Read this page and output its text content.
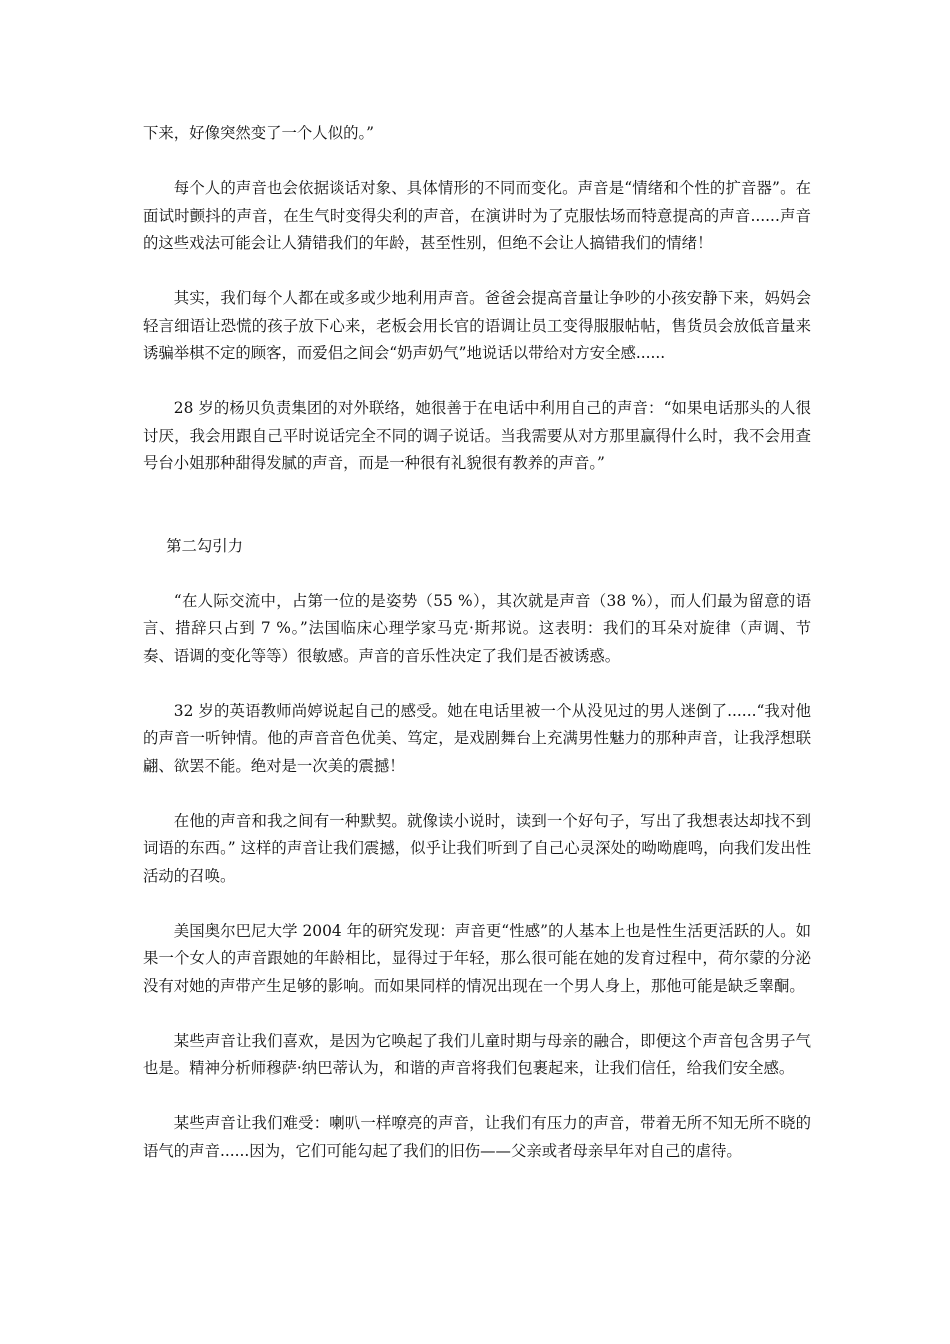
下来，好像突然变了一个人似的。”

每个人的声音也会依据谈话对象、具体情形的不同而变化。声音是“情绪和个性的扩音器”。在面试时颤抖的声音，在生气时变得尖利的声音，在演讲时为了克服怯场而特意提高的声音......声音的这些戏法可能会让人猜错我们的年龄，甚至性别，但绝不会让人搞错我们的情绪！

其实，我们每个人都在或多或少地利用声音。爸爸会提高音量让争吵的小孩安静下来，妈妈会轻言细语让恐慌的孩子放下心来，老板会用长官的语调让员工变得服服帖帖，售货员会放低音量来诱骗举棋不定的顾客，而爱侣之间会“奶声奶气”地说话以带给对方安全感......

28 岁的杨贝负责集团的对外联络，她很善于在电话中利用自己的声音：“如果电话那头的人很讨厌，我会用跟自己平时说话完全不同的调子说话。当我需要从对方那里赢得什么时，我不会用查号台小姐那种甜得发腻的声音，而是一种很有礼貌很有教养的声音。”

第二勾引力

“在人际交流中，占第一位的是姿势（55 %），其次就是声音（38 %），而人们最为留意的语言、措辞只占到 7 %。”法国临床心理学家马克·斯邦说。这表明：我们的耳朵对旋律（声调、节奏、语调的变化等等）很敏感。声音的音乐性决定了我们是否被诱惑。

32 岁的英语教师尚婷说起自己的感受。她在电话里被一个从没见过的男人迷倒了......“我对他的声音一听钟情。他的声音音色优美、笃定，是戏剧舞台上充满男性魅力的那种声音，让我浮想联翩、欲罢不能。绝对是一次美的震撼！

在他的声音和我之间有一种默契。就像读小说时，读到一个好句子，写出了我想表达却找不到词语的东西。” 这样的声音让我们震撼，似乎让我们听到了自己心灵深处的呦呦鹿鸣，向我们发出性活动的召唤。

美国奥尔巴尼大学 2004 年的研究发现：声音更“性感”的人基本上也是性生活更活跃的人。如果一个女人的声音跟她的年龄相比，显得过于年轻，那么很可能在她的发育过程中，荷尔蒙的分泌没有对她的声带产生足够的影响。而如果同样的情况出现在一个男人身上，那他可能是缺乏睾酮。

某些声音让我们喜欢，是因为它唤起了我们儿童时期与母亲的融合，即便这个声音包含男子气也是。精神分析师穆萨·纳巴蒂认为，和谐的声音将我们包裹起来，让我们信任，给我们安全感。

某些声音让我们难受：喇叭一样嘹亮的声音，让我们有压力的声音，带着无所不知无所不晓的语气的声音......因为，它们可能勾起了我们的旧伤——父亲或者母亲早年对自己的虐待。
